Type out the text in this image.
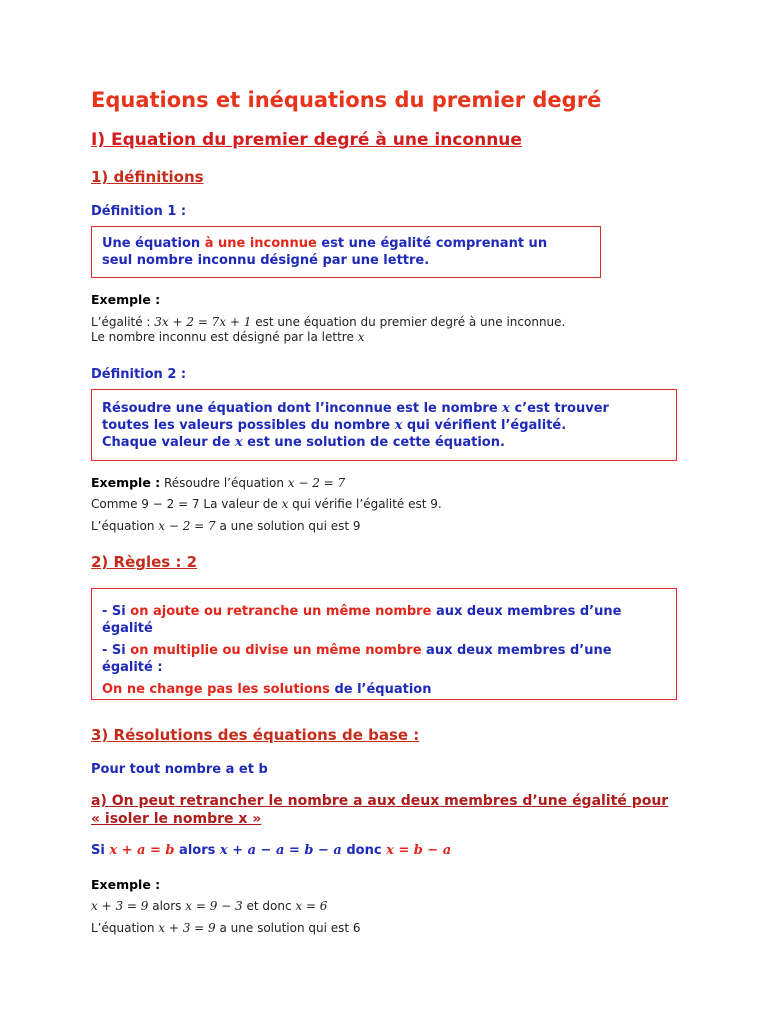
Equations et inéquations du premier degré
I) Equation du premier degré à une inconnue
1) définitions

Définition 1 :

Une équation à une inconnue est une égalité comprenant un
seul nombre inconnu désigné par une lettre.

Exemple :

L’égalité : 3x + 2 = 7x + 1 est une équation du premier degré à une inconnue.

Le nombre inconnu est désigné par la lettre x

Définition 2 :

Résoudre une équation dont l’inconnue est le nombre x c’est trouver
toutes les valeurs possibles du nombre x qui vérifient l’égalité.
Chaque valeur de x est une solution de cette équation.

Exemple : Résoudre l’équation x − 2 = 7

Comme 9 − 2 = 7 La valeur de x qui vérifie l’égalité est 9.

L’équation x − 2 = 7 a une solution qui est 9

2) Règles : 2
- Si on ajoute ou retranche un même nombre aux deux membres d’une
égalité
- Si on multiplie ou divise un même nombre aux deux membres d’une
égalité :
On ne change pas les solutions de l’équation
3) Résolutions des équations de base :

Pour tout nombre a et b

a) On peut retrancher le nombre a aux deux membres d’une égalité pour
« isoler le nombre x »

Si x + a = b alors x + a − a = b − a donc x = b − a

Exemple :

x + 3 = 9 alors x = 9 − 3 et donc x = 6

L’équation x + 3 = 9 a une solution qui est 6
